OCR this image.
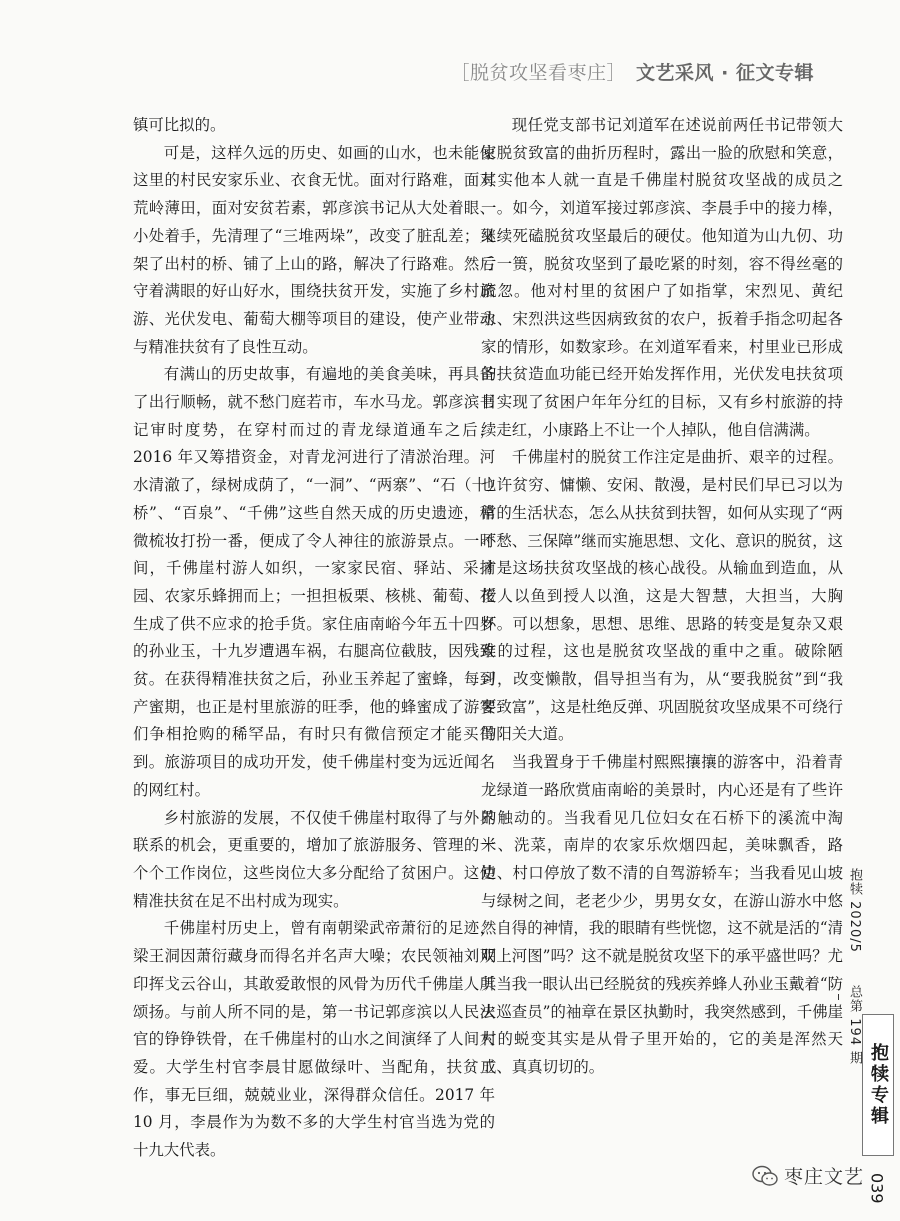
［脱贫攻坚看枣庄］ 文艺采风 · 征文专辑

镇可比拟的。

可是，这样久远的历史、如画的山水，也未能使这里的村民安家乐业、衣食无忧。面对行路难，面对荒岭薄田，面对安贫若素，郭彦滨书记从大处着眼、小处着手，先清理了“三堆两垛”，改变了脏乱差；又架了出村的桥、铺了上山的路，解决了行路难。然后守着满眼的好山好水，围绕扶贫开发，实施了乡村旅游、光伏发电、葡萄大棚等项目的建设，使产业带动与精准扶贫有了良性互动。

有满山的历史故事，有遍地的美食美味，再具备了出行顺畅，就不愁门庭若市，车水马龙。郭彦滨书记审时度势，在穿村而过的青龙绿道通车之后，2016 年又筹措资金，对青龙河进行了清淤治理。河水清澈了，绿树成荫了，“一洞”、“两寨”、“石（十）桥”、“百泉”、“千佛”这些自然天成的历史遗迹，稍微梳妆打扮一番，便成了令人神往的旅游景点。一时间，千佛崖村游人如织，一家家民宿、驿站、采摘园、农家乐蜂拥而上；一担担板栗、核桃、葡萄、花生成了供不应求的抢手货。家住庙南峪今年五十四岁的孙业玉，十九岁遭遇车祸，右腿高位截肢，因残致贫。在获得精准扶贫之后，孙业玉养起了蜜蜂，每到产蜜期，也正是村里旅游的旺季，他的蜂蜜成了游客们争相抢购的稀罕品，有时只有微信预定才能买得到。旅游项目的成功开发，使千佛崖村变为远近闻名的网红村。

乡村旅游的发展，不仅使千佛崖村取得了与外界联系的机会，更重要的，增加了旅游服务、管理的一个个工作岗位，这些岗位大多分配给了贫困户。这使精准扶贫在足不出村成为现实。

千佛崖村历史上，曾有南朝梁武帝萧衍的足迹，梁王洞因萧衍藏身而得名并名声大噪；农民领袖刘双印挥戈云谷山，其敢爱敢恨的风骨为历代千佛崖人所颂扬。与前人所不同的是，第一书记郭彦滨以人民法官的铮铮铁骨，在千佛崖村的山水之间演绎了人间大爱。大学生村官李晨甘愿做绿叶、当配角，扶贫工作，事无巨细，兢兢业业，深得群众信任。2017 年 10 月，李晨作为为数不多的大学生村官当选为党的十九大代表。

现任党支部书记刘道军在述说前两任书记带领大家脱贫致富的曲折历程时，露出一脸的欣慰和笑意，其实他本人就一直是千佛崖村脱贫攻坚战的成员之一。如今，刘道军接过郭彦滨、李晨手中的接力棒，继续死磕脱贫攻坚最后的硬仗。他知道为山九仞、功亏一篑，脱贫攻坚到了最吃紧的时刻，容不得丝毫的疏忽。他对村里的贫困户了如指掌，宋烈见、黄纪永、宋烈洪这些因病致贫的农户，扳着手指念叨起各家的情形，如数家珍。在刘道军看来，村里业已形成的扶贫造血功能已经开始发挥作用，光伏发电扶贫项目实现了贫困户年年分红的目标，又有乡村旅游的持续走红，小康路上不让一个人掉队，他自信满满。

千佛崖村的脱贫工作注定是曲折、艰辛的过程。也许贫穷、慵懒、安闲、散漫，是村民们早已习以为常的生活状态，怎么从扶贫到扶智，如何从实现了“两不愁、三保障”继而实施思想、文化、意识的脱贫，这才是这场扶贫攻坚战的核心战役。从输血到造血，从授人以鱼到授人以渔，这是大智慧，大担当，大胸怀。可以想象，思想、思维、思路的转变是复杂又艰难的过程，这也是脱贫攻坚战的重中之重。破除陋习，改变懒散，倡导担当有为，从“要我脱贫”到“我要致富”，这是杜绝反弹、巩固脱贫攻坚成果不可绕行的阳关大道。

当我置身于千佛崖村熙熙攘攘的游客中，沿着青龙绿道一路欣赏庙南峪的美景时，内心还是有了些许的触动的。当我看见几位妇女在石桥下的溪流中淘米、洗菜，南岸的农家乐炊烟四起，美味飘香，路边、村口停放了数不清的自驾游轿车；当我看见山坡与绿树之间，老老少少，男男女女，在游山游水中悠然自得的神情，我的眼睛有些恍惚，这不就是活的“清明上河图”吗？这不就是脱贫攻坚下的承平盛世吗？尤其当我一眼认出已经脱贫的残疾养蜂人孙业玉戴着“防火巡查员”的袖章在景区执勤时，我突然感到，千佛崖村的蜕变其实是从骨子里开始的，它的美是浑然天成、真真切切的。

抱犊 2020/5  总第 194 期
抱犊专辑
039
枣庄文艺
